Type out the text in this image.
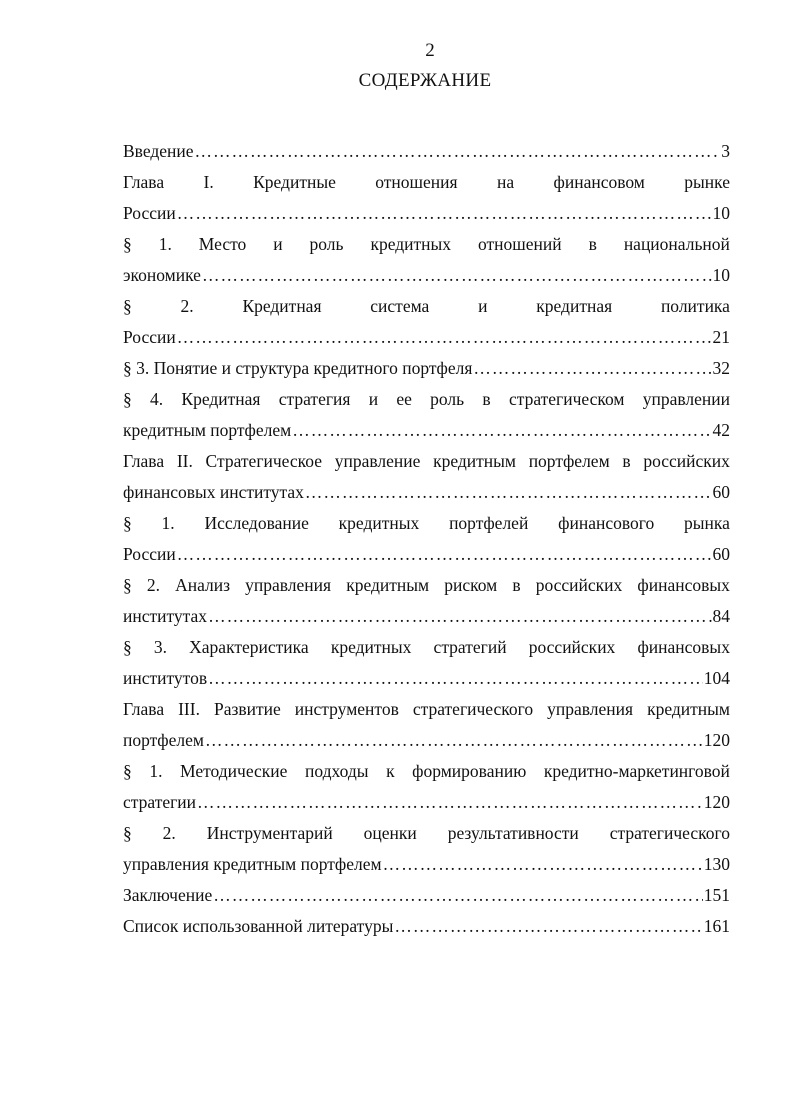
2
СОДЕРЖАНИЕ
Введение ………………………………………………………………………………………………………………………………………………………	3
Глава I. Кредитные отношения на финансовом рынке
России ………………………………………………………………………………………………………………………………………………………	10
§ 1. Место и роль кредитных отношений в национальной
экономике ………………………………………………………………………………………………………………………………………………………	10
§	2.	Кредитная	система	и	кредитная	политика
России ………………………………………………………………………………………………………………………………………………………	21
§ 3. Понятие и структура кредитного портфеля ………………………………………………………………………………………………………………………………………………………	32
§ 4. Кредитная стратегия и ее роль в стратегическом управлении
кредитным портфелем ………………………………………………………………………………………………………………………………………………………	42
Глава II. Стратегическое управление кредитным портфелем в российских
финансовых институтах ………………………………………………………………………………………………………………………………………………………	60
§ 1. Исследование кредитных портфелей финансового рынка
России ………………………………………………………………………………………………………………………………………………………	60
§ 2. Анализ управления кредитным риском в российских финансовых
институтах ………………………………………………………………………………………………………………………………………………………	84
§ 3. Характеристика кредитных стратегий российских финансовых
институтов ………………………………………………………………………………………………………………………………………………………	104
Глава III. Развитие инструментов стратегического управления кредитным
портфелем ………………………………………………………………………………………………………………………………………………………	120
§ 1. Методические подходы к формированию кредитно-маркетинговой
стратегии ………………………………………………………………………………………………………………………………………………………	120
§ 2. Инструментарий оценки результативности стратегического
управления кредитным портфелем ………………………………………………………………………………………………………………………………………………………	130
Заключение ………………………………………………………………………………………………………………………………………………………	151
Список использованной литературы ………………………………………………………………………………………………………………………………………………………	161
